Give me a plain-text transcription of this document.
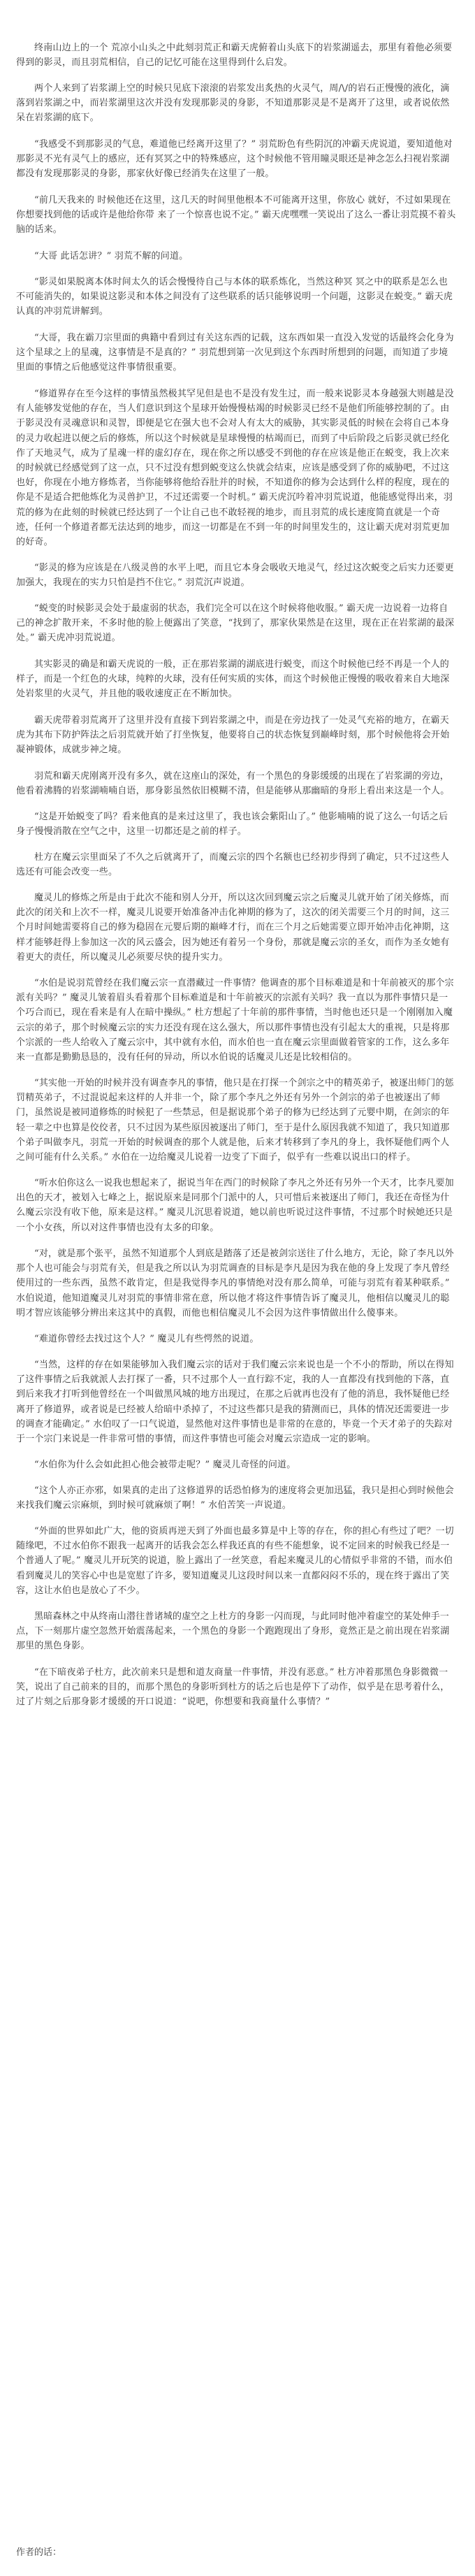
终南山边上的一个 荒凉小山头之中此刻羽荒正和霸天虎俯着山头底下的岩浆湖遥去，那里有着他必须要得到的影灵，而且羽荒相信，自己的记忆可能在这里得到什么启发。

两个人来到了岩浆湖上空的时候只见底下滚滚的岩浆发出炙热的火灵气，周/\/的岩石正慢慢的液化，滴落到岩浆湖之中，而岩浆湖里这次并没有发现那影灵的身影，不知道那影灵是不是离开了这里，或者说依然呆在岩浆湖的底下。

“我感受不到那影灵的气息，难道他已经离开这里了？” 羽荒盼色有些阴沉的冲霸天虎说道，要知道他对那影灵不光有灵气上的感应，还有冥冥之中的特殊感应，这个时候他不管用瞳灵眼还是神念怎么扫视岩浆湖都没有发现那影灵的身影，那家伙好像已经消失在这里了一般。

“前几天我来的 时候他还在这里，这几天的时间里他根本不可能离开这里，你放心 就好，不过如果现在你想要找到他的话或许是他给你带 来了一个惊喜也说不定。” 霸天虎嘿嘿一笑说出了这么一番让羽荒摸不着头 脑的话来。

“大哥 此话怎讲？” 羽荒不解的问道。

“影灵如果脱离本体时间太久的话会慢慢待自己与本体的联系炼化，当然这种冥 冥之中的联系是怎么也不可能消失的，如果说这影灵和本体之间没有了这些联系的话只能够说明一个问题，这影灵在蜕变。” 霸天虎认真的冲羽荒讲解到。

“大哥，我在霸刀宗里面的典籍中看到过有关这东西的记载，这东西如果一直没入发觉的话最终会化身为这个星球之上的星魂，这事情是不是真的？” 羽荒想到第一次见到这个东西时所想到的问题，而知道了步境里面的事情之后他感觉这件事情很重要。

“修道界存在至今这样的事情虽然极其罕见但是也不是没有发生过，而一般来说影灵本身越强大则越是没有人能够发觉他的存在，当人们意识到这个星球开始慢慢枯竭的时候影灵已经不是他们所能够控制的了。由于影灵没有灵魂意识和灵智，即便是它在强大也不会对人有太大的威胁，其实影灵低的时候在会将自己本身的灵力收起进以便之后的修炼，所以这个时候就是星球慢慢的枯竭而已，而到了中后阶段之后影灵就已经化作了天地灵气，成为了星魂一样的虚幻存在，现在你之所以感受不到他的存在应该是他正在蜕变，我上次来的时候就已经感觉到了这一点，只不过没有想到蜕变这么快就会结束，应该是感受到了你的威胁吧，不过这也好，你现在小地方修炼者，当你能够将他给吞肚并的时候，不知道你的修为会达到什么样的程度，现在的你是不是适合把他炼化为灵兽护卫，不过还需要一个时机。” 霸天虎沉吟着冲羽荒说道，他能感觉得出来，羽荒的修为在此刻的时候就已经达到了一个让自己也不敢轻视的地步，而且羽荒的成长速度简直就是一个奇迹，任何一个修道者都无法达到的地步，而这一切都是在不到一年的时间里发生的，这让霸天虎对羽荒更加的好奇。

“影灵的修为应该是在八级灵兽的水平上吧，而且它本身会吸收天地灵气，经过这次蜕变之后实力还要更加强大，我现在的实力只怕是挡不住它。” 羽荒沉声说道。

“蜕变的时候影灵会处于最虚弱的状态，我们完全可以在这个时候将他收服。” 霸天虎一边说着一边将自己的神念扩散开来，不多时他的脸上便露出了笑意，“找到了，那家伙果然是在这里，现在正在岩浆湖的最深处。” 霸天虎冲羽荒说道。

其实影灵的确是和霸天虎说的一般，正在那岩浆湖的湖底进行蜕变，而这个时候他已经不再是一个人的样子，而是一个红色的火球，纯粹的火球，没有任何实质的实体，而这个时候他正慢慢的吸收着来自大地深处岩浆里的火灵气，并且他的吸收速度正在不断加快。

霸天虎带着羽荒离开了这里并没有直接下到岩浆湖之中，而是在旁边找了一处灵气充裕的地方，在霸天虎为其布下防护阵法之后羽荒就开始了打坐恢复，他要将自己的状态恢复到巅峰时刻，那个时候他将会开始凝神锻体，成就步神之境。

羽荒和霸天虎刚离开没有多久，就在这座山的深处，有一个黑色的身影缓缓的出现在了岩浆湖的旁边，他看着沸腾的岩浆湖喃喃自语，那身影虽然依旧模糊不清，但是能够从那幽暗的身形上看出来这是一个人。

“这是开始蜕变了吗？看来他真的是来过这里了，我也该会紫阳山了。” 他影喃喃的说了这么一句话之后身子慢慢消散在空气之中，这里一切都还是之前的样子。

杜方在魔云宗里面呆了不久之后就离开了，而魔云宗的四个名额也已经初步得到了确定，只不过这些人选还有可能会改变一些。

魔灵儿的修炼之所是由于此次不能和别人分开，所以这次回到魔云宗之后魔灵儿就开始了闭关修炼，而此次的闭关和上次不一样，魔灵儿说要开始准备冲击化神期的修为了，这次的闭关需要三个月的时间，这三个月时间她需要将自己的修为稳固在元婴后期的巅峰才行，而在三个月之后她需要立即开始冲击化神期，这样才能够赶得上参加这一次的风云盛会，因为她还有着另一个身份，那就是魔云宗的圣女，而作为圣女她有着更大的责任，所以魔灵儿必须要尽快的提升实力。

“水伯是说羽荒曾经在我们魔云宗一直潜藏过一件事情？他调查的那个目标难道是和十年前被灭的那个宗派有关吗？” 魔灵儿皱着眉头看着那个目标难道是和十年前被灭的宗派有关吗？我一直以为那件事情只是一个巧合而已，现在看来是有人在暗中操纵。” 杜方想起了十年前的那件事情，当时他也还只是一个刚刚加入魔云宗的弟子，那个时候魔云宗的实力还没有现在这么强大，所以那件事情也没有引起太大的重视，只是将那个宗派的一些人给收入了魔云宗中，其中就有水伯，而水伯也一直在魔云宗里面做着管家的工作，这么多年来一直都是勤勤恳恳的，没有任何的异动，所以水伯说的话魔灵儿还是比较相信的。

“其实他一开始的时候并没有调查李凡的事情，他只是在打探一个剑宗之中的精英弟子，被逐出师门的惩罚精英弟子，不过混说起来这样的人并非一个，除了那个李凡之外还有另外一个剑宗的弟子也被逐出了师门，虽然说是被同道修炼的时候犯了一些禁忌，但是据说那个弟子的修为已经达到了元婴中期，在剑宗的年轻一辈之中也算是佼佼者，只不过因为某些原因被逐出了师门，至于是什么原因我就不知道了，我只知道那个弟子叫做李凡，羽荒一开始的时候调查的那个人就是他，后来才转移到了李凡的身上，我怀疑他们两个人之间可能有什么关系。” 水伯在一边给魔灵儿说着一边变了下面子，似乎有一些难以说出口的样子。

“听水伯你这么一说我也想起来了，据说当年在西门的时候除了李凡之外还有另外一个天才，比李凡要加出色的天才，被划入七峰之上，据说原来是同那个门派中的人，只可惜后来被逐出了师门，我还在奇怪为什么魔云宗没有收下他，原来是这样。” 魔灵儿沉思着说道，她以前也听说过这件事情，不过那个时候她还只是一个小女孩，所以对这件事情也没有太多的印象。

“对，就是那个张平，虽然不知道那个人到底是踏落了还是被剑宗送往了什么地方，无论，除了李凡以外那个人也可能会与羽荒有关，但是我之所以认为羽荒调查的目标是李凡是因为我在他的身上发现了李凡曾经使用过的一些东西，虽然不敢肯定，但是我觉得李凡的事情绝对没有那么简单，可能与羽荒有着某种联系。” 水伯说道，他知道魔灵儿对羽荒的事情非常在意，所以他才将这件事情告诉了魔灵儿，他相信以魔灵儿的聪明才智应该能够分辨出来这其中的真假，而他也相信魔灵儿不会因为这件事情做出什么傻事来。

“难道你曾经去找过这个人？” 魔灵儿有些愕然的说道。

“当然，这样的存在如果能够加入我们魔云宗的话对于我们魔云宗来说也是一个不小的帮助，所以在得知了这件事情之后我就派人去打探了一番，只不过那个人一直行踪不定，我的人一直都没有找到他的下落，直到后来我才打听到他曾经在一个叫做黑风城的地方出现过，在那之后就再也没有了他的消息，我怀疑他已经离开了修道界，或者说是已经被人给暗中杀掉了，不过这些都只是我的猜测而已，具体的情况还需要进一步的调查才能确定。” 水伯叹了一口气说道，显然他对这件事情也是非常的在意的，毕竟一个天才弟子的失踪对于一个宗门来说是一件非常可惜的事情，而这件事情也可能会对魔云宗造成一定的影响。

“水伯你为什么会如此担心他会被带走呢？” 魔灵儿奇怪的问道。

“这个人亦正亦邪，如果真的走出了这修道界的话恐怕修为的速度将会更加迅猛，我只是担心到时候他会来找我们魔云宗麻烦，到时候可就麻烦了啊！” 水伯苦笑一声说道。

“外面的世界如此广大，他的资质再逆天到了外面也最多算是中上等的存在，你的担心有些过了吧？一切随缘吧，不过水伯你不跟我一起离开的话我会怎么样我还真的有些不能想象，说不定回来的时候我已经是一个普通人了呢。” 魔灵儿开玩笑的说道，脸上露出了一丝笑意，看起来魔灵儿的心情似乎非常的不错，而水伯看到魔灵儿的笑容心中也是宽慰了许多，要知道魔灵儿这段时间以来一直都闷闷不乐的，现在终于露出了笑容，这让水伯也是放心了不少。

黑暗森林之中从终南山潜往普诸城的虚空之上杜方的身影一闪而现，与此同时他冲着虚空的某处伸手一点，下一刻那片虚空忽然开始震荡起来，一个黑色的身影一个跑跑现出了身形，竟然正是之前出现在岩浆湖那里的黑色身影。

“在下暗夜弟子杜方，此次前来只是想和道友商量一件事情，并没有恶意。” 杜方冲着那黑色身影微微一笑，说出了自己前来的目的，而那个黑色的身影听到杜方的话之后也是停下了动作，似乎是在思考着什么，过了片刻之后那身影才缓缓的开口说道：“说吧，你想要和我商量什么事情？”

作者的话：
